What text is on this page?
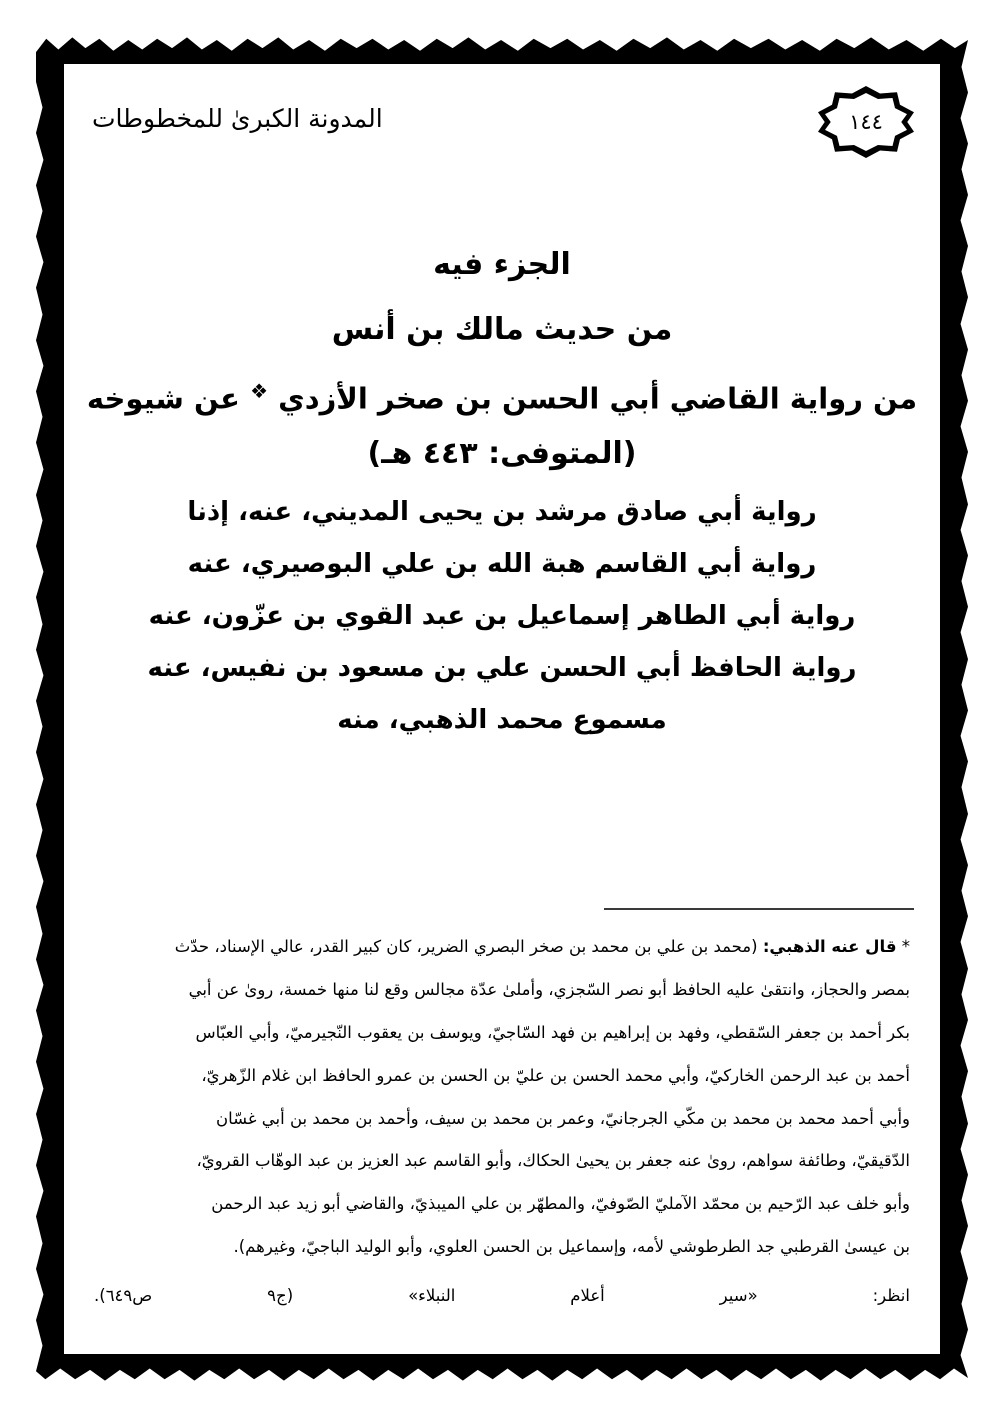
١٤٤
المدونة الكبرىٰ للمخطوطات
الجزء فيه
من حديث مالك بن أنس
من رواية القاضي أبي الحسن بن صخر الأزدي ❖ عن شيوخه
(المتوفى: ٤٤٣ هـ)
رواية أبي صادق مرشد بن يحيى المديني، عنه، إذنا
رواية أبي القاسم هبة الله بن علي البوصيري، عنه
رواية أبي الطاهر إسماعيل بن عبد القوي بن عزّون، عنه
رواية الحافظ أبي الحسن علي بن مسعود بن نفيس، عنه
مسموع محمد الذهبي، منه
* قال عنه الذهبي: (محمد بن علي بن محمد بن صخر البصري الضرير، كان كبير القدر، عالي الإسناد، حدّث
بمصر والحجاز، وانتقىٰ عليه الحافظ أبو نصر السّجزي، وأملىٰ عدّة مجالس وقع لنا منها خمسة، روىٰ عن أبي
بكر أحمد بن جعفر السّقطي، وفهد بن إبراهيم بن فهد السّاجيّ، ويوسف بن يعقوب النّجيرميّ، وأبي العبّاس
أحمد بن عبد الرحمن الخاركيّ، وأبي محمد الحسن بن عليّ بن الحسن بن عمرو الحافظ ابن غلام الزّهريّ،
وأبي أحمد محمد بن محمد بن مكّي الجرجانيّ، وعمر بن محمد بن سيف، وأحمد بن محمد بن أبي غسّان
الدّقيقيّ، وطائفة سواهم، روىٰ عنه جعفر بن يحيىٰ الحكاك، وأبو القاسم عبد العزيز بن عبد الوهّاب القرويّ،
وأبو خلف عبد الرّحيم بن محمّد الآمليّ الصّوفيّ، والمطهّر بن علي الميبذيّ، والقاضي أبو زيد عبد الرحمن
بن عيسىٰ القرطبي جد الطرطوشي لأمه، وإسماعيل بن الحسن العلوي، وأبو الوليد الباجيّ، وغيرهم).
انظر: «سير أعلام النبلاء» (ج٩ ص٦٤٩).
